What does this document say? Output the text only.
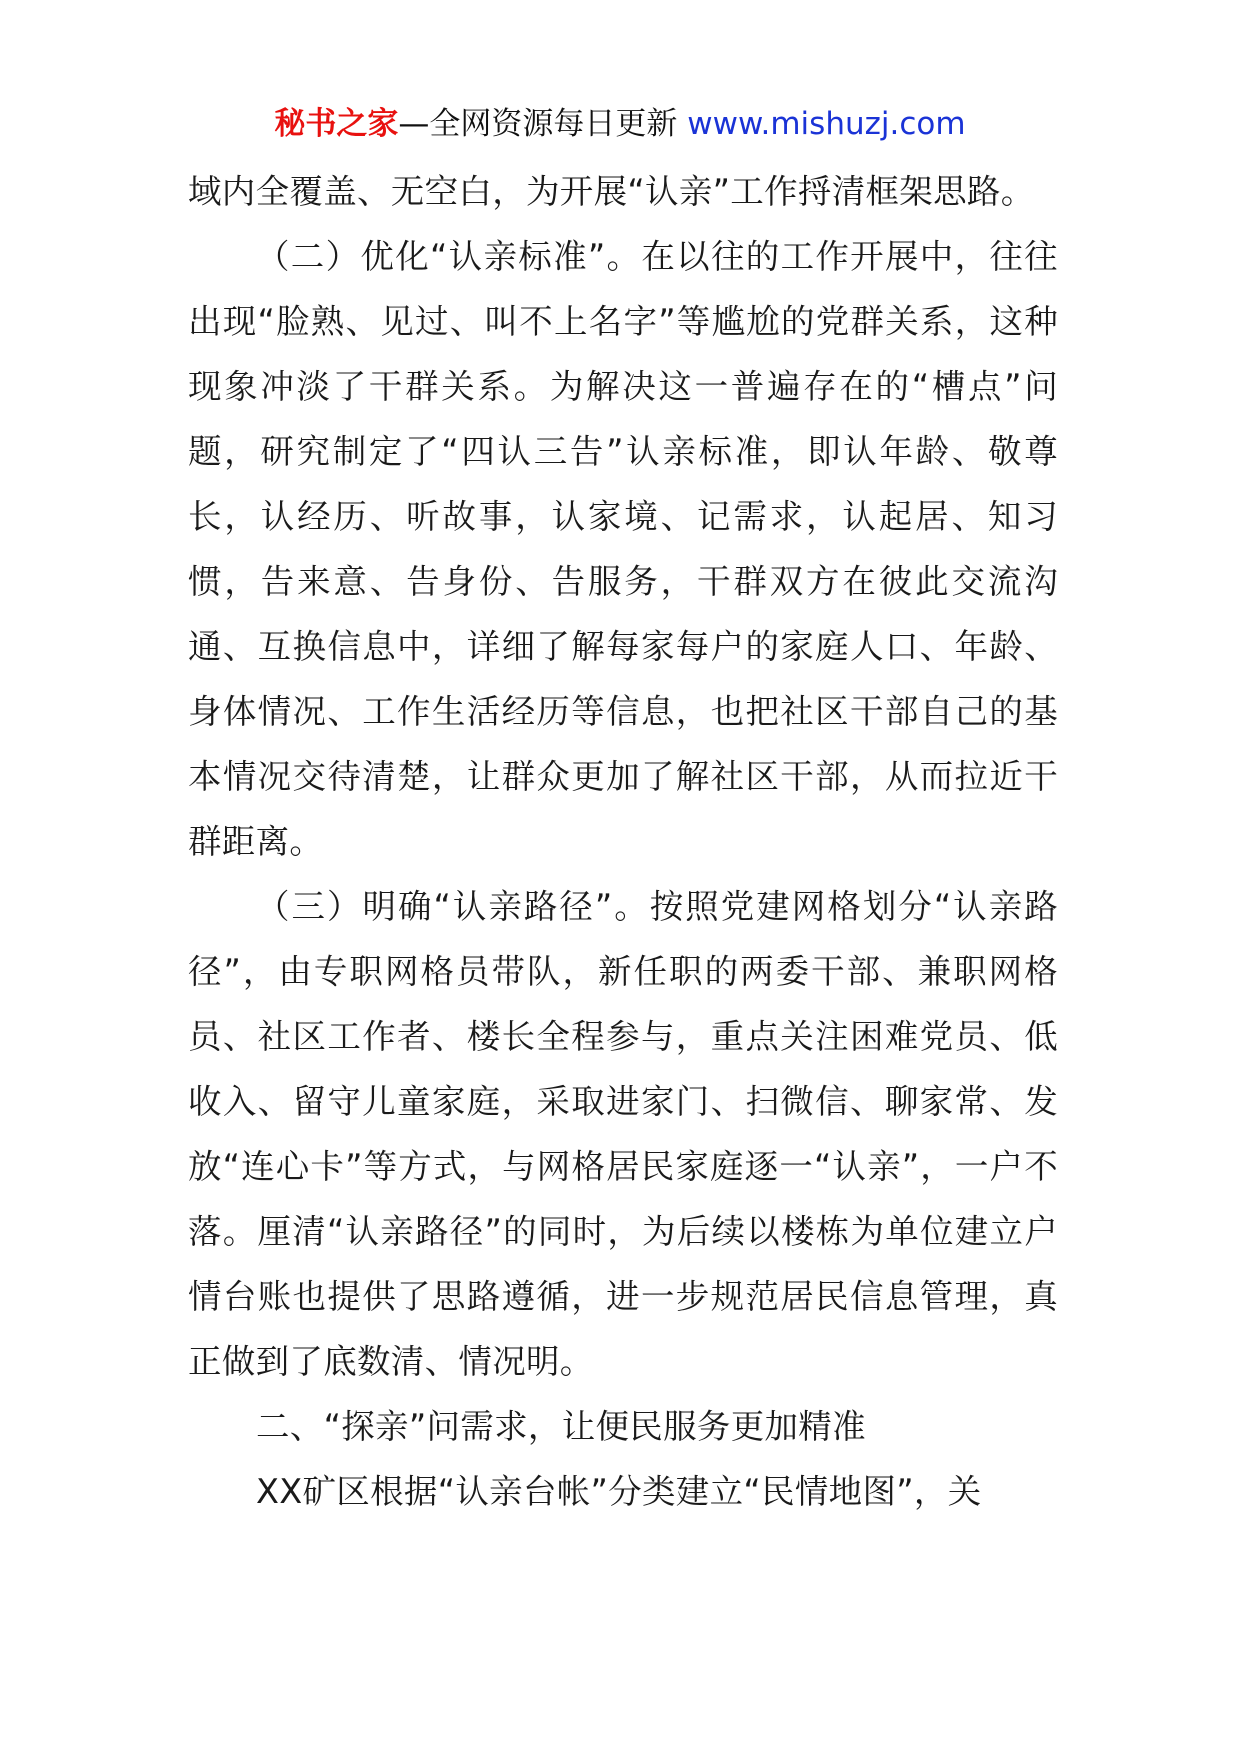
秘书之家—全网资源每日更新 www.mishuzj.com

域内全覆盖、无空白，为开展“认亲”工作捋清框架思路。

（二）优化“认亲标准”。在以往的工作开展中，往往出现“脸熟、见过、叫不上名字”等尴尬的党群关系，这种现象冲淡了干群关系。为解决这一普遍存在的“槽点”问题，研究制定了“四认三告”认亲标准，即认年龄、敬尊长，认经历、听故事，认家境、记需求，认起居、知习惯，告来意、告身份、告服务，干群双方在彼此交流沟通、互换信息中，详细了解每家每户的家庭人口、年龄、身体情况、工作生活经历等信息，也把社区干部自己的基本情况交待清楚，让群众更加了解社区干部，从而拉近干群距离。

（三）明确“认亲路径”。按照党建网格划分“认亲路径”，由专职网格员带队，新任职的两委干部、兼职网格员、社区工作者、楼长全程参与，重点关注困难党员、低收入、留守儿童家庭，采取进家门、扫微信、聊家常、发放“连心卡”等方式，与网格居民家庭逐一“认亲”，一户不落。厘清“认亲路径”的同时，为后续以楼栋为单位建立户情台账也提供了思路遵循，进一步规范居民信息管理，真正做到了底数清、情况明。

二、“探亲”问需求，让便民服务更加精准

XX矿区根据“认亲台帐”分类建立“民情地图”，关
